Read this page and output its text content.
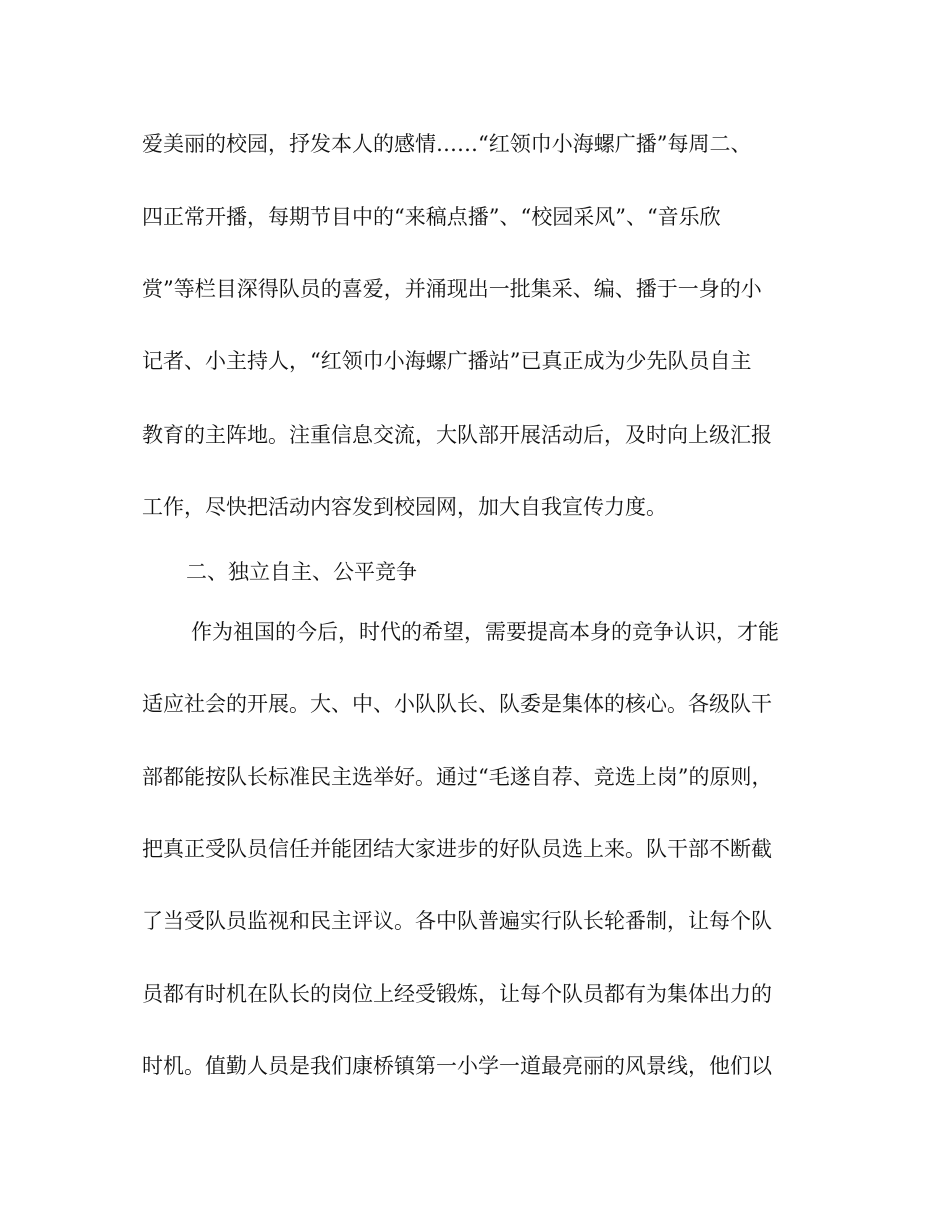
爱美丽的校园，抒发本人的感情……“红领巾小海螺广播”每周二、
四正常开播，每期节目中的“来稿点播”、“校园采风”、“音乐欣
赏”等栏目深得队员的喜爱，并涌现出一批集采、编、播于一身的小
记者、小主持人，“红领巾小海螺广播站”已真正成为少先队员自主
教育的主阵地。注重信息交流，大队部开展活动后，及时向上级汇报
工作，尽快把活动内容发到校园网，加大自我宣传力度。
二、独立自主、公平竞争
作为祖国的今后，时代的希望，需要提高本身的竞争认识，才能
适应社会的开展。大、中、小队队长、队委是集体的核心。各级队干
部都能按队长标准民主选举好。通过“毛遂自荐、竞选上岗”的原则，
把真正受队员信任并能团结大家进步的好队员选上来。队干部不断截
了当受队员监视和民主评议。各中队普遍实行队长轮番制，让每个队
员都有时机在队长的岗位上经受锻炼，让每个队员都有为集体出力的
时机。值勤人员是我们康桥镇第一小学一道最亮丽的风景线，他们以
